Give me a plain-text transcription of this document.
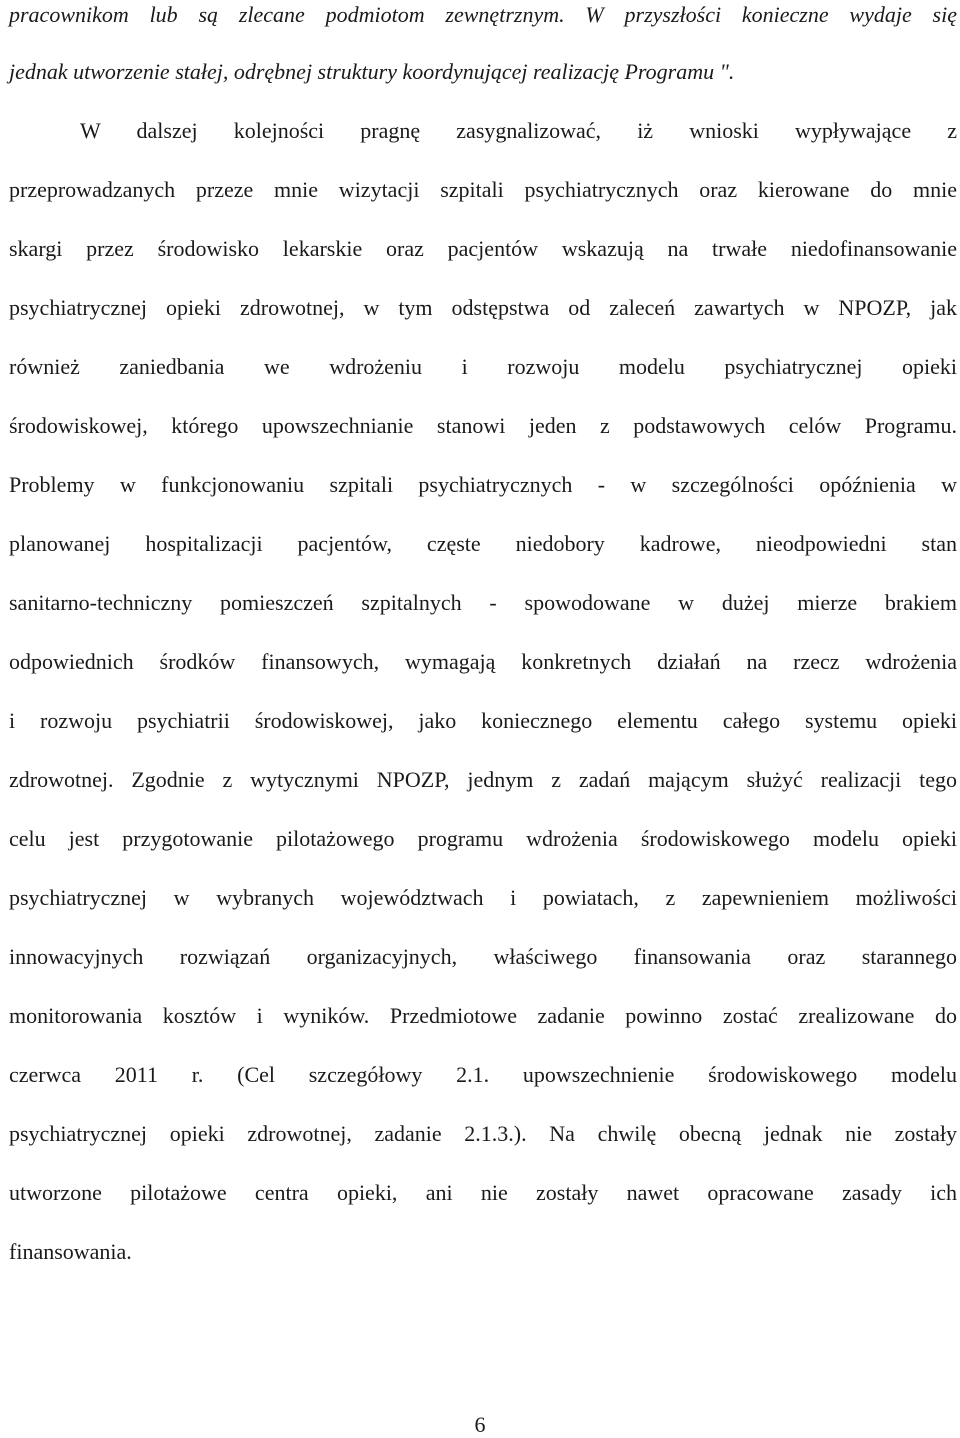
pracownikom lub są zlecane podmiotom zewnętrznym. W przyszłości konieczne wydaje się
jednak utworzenie stałej, odrębnej struktury koordynującej realizację Programu ".
W dalszej kolejności pragnę zasygnalizować, iż wnioski wypływające z
przeprowadzanych przeze mnie wizytacji szpitali psychiatrycznych oraz kierowane do mnie
skargi przez środowisko lekarskie oraz pacjentów wskazują na trwałe niedofinansowanie
psychiatrycznej opieki zdrowotnej, w tym odstępstwa od zaleceń zawartych w NPOZP, jak
również zaniedbania we wdrożeniu i rozwoju modelu psychiatrycznej opieki
środowiskowej, którego upowszechnianie stanowi jeden z podstawowych celów Programu.
Problemy w funkcjonowaniu szpitali psychiatrycznych - w szczególności opóźnienia w
planowanej hospitalizacji pacjentów, częste niedobory kadrowe, nieodpowiedni stan
sanitarno-techniczny pomieszczeń szpitalnych - spowodowane w dużej mierze brakiem
odpowiednich środków finansowych, wymagają konkretnych działań na rzecz wdrożenia
i rozwoju psychiatrii środowiskowej, jako koniecznego elementu całego systemu opieki
zdrowotnej. Zgodnie z wytycznymi NPOZP, jednym z zadań mającym służyć realizacji tego
celu jest przygotowanie pilotażowego programu wdrożenia środowiskowego modelu opieki
psychiatrycznej w wybranych województwach i powiatach, z zapewnieniem możliwości
innowacyjnych rozwiązań organizacyjnych, właściwego finansowania oraz starannego
monitorowania kosztów i wyników. Przedmiotowe zadanie powinno zostać zrealizowane do
czerwca 2011 r. (Cel szczegółowy 2.1. upowszechnienie środowiskowego modelu
psychiatrycznej opieki zdrowotnej, zadanie 2.1.3.). Na chwilę obecną jednak nie zostały
utworzone pilotażowe centra opieki, ani nie zostały nawet opracowane zasady ich
finansowania.
6
